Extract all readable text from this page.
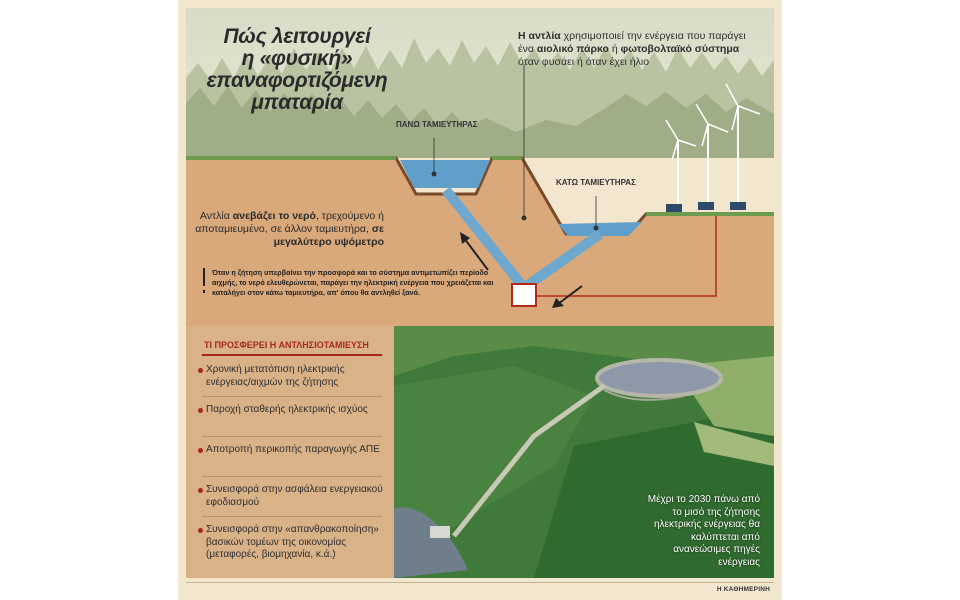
Πώς λειτουργεί
η «φυσική»
επαναφορτιζόμενη
μπαταρία
Η αντλία χρησιμοποιεί την ενέργεια που παράγει ένα αιολικό πάρκο ή φωτοβολταϊκό σύστημα όταν φυσάει ή όταν έχει ήλιο
ΠΑΝΩ ΤΑΜΙΕΥΤΗΡΑΣ
ΚΑΤΩ ΤΑΜΙΕΥΤΗΡΑΣ
Αντλία ανεβάζει το νερό, τρεχούμενο ή αποταμιευμένο, σε άλλον ταμιευτήρα, σε μεγαλύτερο υψόμετρο
Όταν η ζήτηση υπερβαίνει την προσφορά και το σύστημα αντιμετωπίζει περίοδο αιχμής, το νερό ελευθερώνεται, παράγει την ηλεκτρική ενέργεια που χρειάζεται και καταλήγει στον κάτω ταμιευτήρα, απ' όπου θα αντληθεί ξανά.
ΤΙ ΠΡΟΣΦΕΡΕΙ Η ΑΝΤΛΗΣΙΟΤΑΜΙΕΥΣΗ
Χρονική μετατόπιση ηλεκτρικής ενέργειας/αιχμών της ζήτησης
Παροχή σταθερής ηλεκτρικής ισχύος
Αποτροπή περικοπής παραγωγής ΑΠΕ
Συνεισφορά στην ασφάλεια ενεργειακού εφοδιασμού
Συνεισφορά στην «απανθρακοποίηση» βασικών τομέων της οικονομίας (μεταφορές, βιομηχανία, κ.ά.)
Μέχρι το 2030 πάνω από το μισό της ζήτησης ηλεκτρικής ενέργειας θα καλύπτεται από ανανεώσιμες πηγές ενέργειας
Η ΚΑΘΗΜΕΡΙΝΗ
